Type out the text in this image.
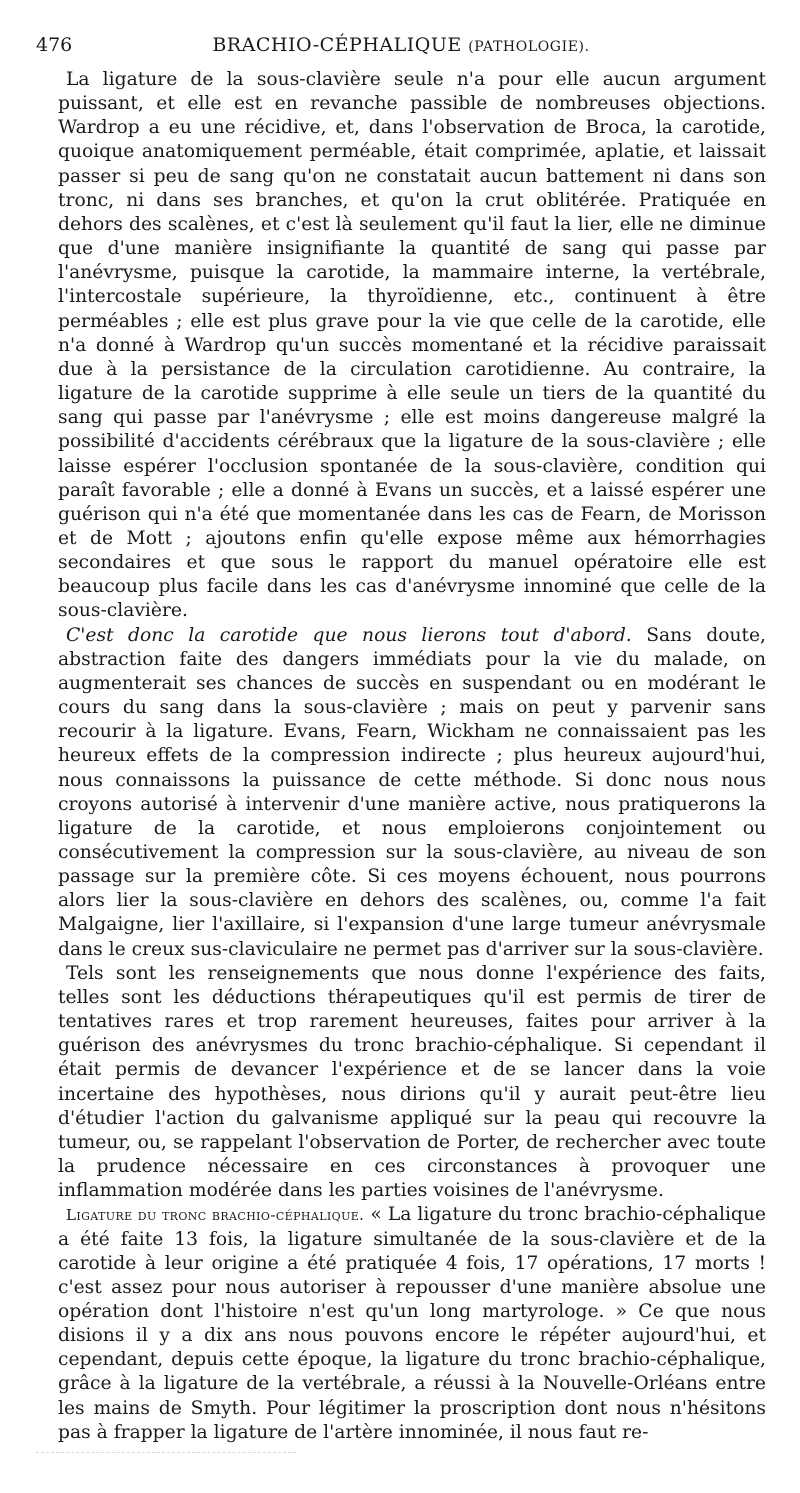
476	BRACHIO-CÉPHALIQUE (PATHOLOGIE).

La ligature de la sous-clavière seule n'a pour elle aucun argument puissant, et elle est en revanche passible de nombreuses objections. Wardrop a eu une récidive, et, dans l'observation de Broca, la carotide, quoique anatomiquement perméable, était comprimée, aplatie, et laissait passer si peu de sang qu'on ne constatait aucun battement ni dans son tronc, ni dans ses branches, et qu'on la crut oblitérée. Pratiquée en dehors des scalènes, et c'est là seulement qu'il faut la lier, elle ne diminue que d'une manière insignifiante la quantité de sang qui passe par l'anévrysme, puisque la carotide, la mammaire interne, la vertébrale, l'intercostale supérieure, la thyroïdienne, etc., continuent à être perméables ; elle est plus grave pour la vie que celle de la carotide, elle n'a donné à Wardrop qu'un succès momentané et la récidive paraissait due à la persistance de la circulation carotidienne. Au contraire, la ligature de la carotide supprime à elle seule un tiers de la quantité du sang qui passe par l'anévrysme ; elle est moins dangereuse malgré la possibilité d'accidents cérébraux que la ligature de la sous-clavière ; elle laisse espérer l'occlusion spontanée de la sous-clavière, condition qui paraît favorable ; elle a donné à Evans un succès, et a laissé espérer une guérison qui n'a été que momentanée dans les cas de Fearn, de Morisson et de Mott ; ajoutons enfin qu'elle expose même aux hémorrhagies secondaires et que sous le rapport du manuel opératoire elle est beaucoup plus facile dans les cas d'anévrysme innominé que celle de la sous-clavière.

C'est donc la carotide que nous lierons tout d'abord. Sans doute, abstraction faite des dangers immédiats pour la vie du malade, on augmenterait ses chances de succès en suspendant ou en modérant le cours du sang dans la sous-clavière ; mais on peut y parvenir sans recourir à la ligature. Evans, Fearn, Wickham ne connaissaient pas les heureux effets de la compression indirecte ; plus heureux aujourd'hui, nous connaissons la puissance de cette méthode. Si donc nous nous croyons autorisé à intervenir d'une manière active, nous pratiquerons la ligature de la carotide, et nous emploierons conjointement ou consécutivement la compression sur la sous-clavière, au niveau de son passage sur la première côte. Si ces moyens échouent, nous pourrons alors lier la sous-clavière en dehors des scalènes, ou, comme l'a fait Malgaigne, lier l'axillaire, si l'expansion d'une large tumeur anévrysmale dans le creux sus-claviculaire ne permet pas d'arriver sur la sous-clavière.

Tels sont les renseignements que nous donne l'expérience des faits, telles sont les déductions thérapeutiques qu'il est permis de tirer de tentatives rares et trop rarement heureuses, faites pour arriver à la guérison des anévrysmes du tronc brachio-céphalique. Si cependant il était permis de devancer l'expérience et de se lancer dans la voie incertaine des hypothèses, nous dirions qu'il y aurait peut-être lieu d'étudier l'action du galvanisme appliqué sur la peau qui recouvre la tumeur, ou, se rappelant l'observation de Porter, de rechercher avec toute la prudence nécessaire en ces circonstances à provoquer une inflammation modérée dans les parties voisines de l'anévrysme.

Ligature du tronc brachio-céphalique. « La ligature du tronc brachio-céphalique a été faite 13 fois, la ligature simultanée de la sous-clavière et de la carotide à leur origine a été pratiquée 4 fois, 17 opérations, 17 morts ! c'est assez pour nous autoriser à repousser d'une manière absolue une opération dont l'histoire n'est qu'un long martyrologe. » Ce que nous disions il y a dix ans nous pouvons encore le répéter aujourd'hui, et cependant, depuis cette époque, la ligature du tronc brachio-céphalique, grâce à la ligature de la vertébrale, a réussi à la Nouvelle-Orléans entre les mains de Smyth. Pour légitimer la proscription dont nous n'hésitons pas à frapper la ligature de l'artère innominée, il nous faut re-
